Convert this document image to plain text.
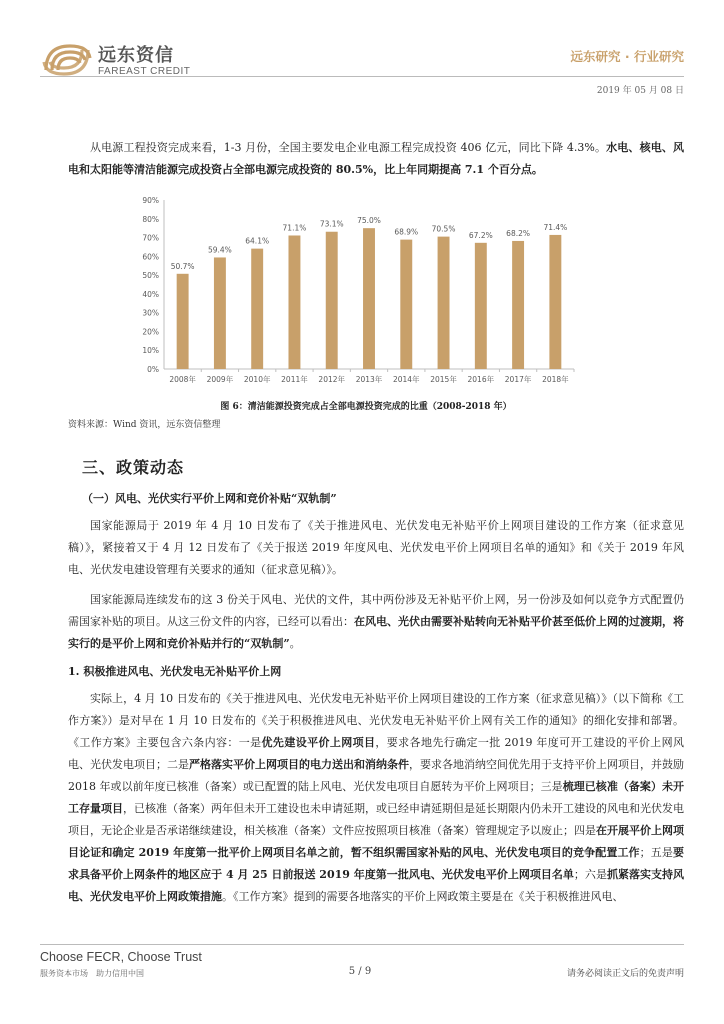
远东资信
FAREAST CREDIT
远东研究 · 行业研究
2019 年 05 月 08 日

从电源工程投资完成来看，1-3 月份，全国主要发电企业电源工程完成投资 406 亿元，同比下降 4.3%。水电、核电、风电和太阳能等清洁能源完成投资占全部电源完成投资的 80.5%，比上年同期提高 7.1 个百分点。

0%
10%
20%
30%
40%
50%
60%
70%
80%
90%
50.7%
2008年
59.4%
2009年
64.1%
2010年
71.1%
2011年
73.1%
2012年
75.0%
2013年
68.9%
2014年
70.5%
2015年
67.2%
2016年
68.2%
2017年
71.4%
2018年
图 6：清洁能源投资完成占全部电源投资完成的比重（2008-2018 年）
资料来源：Wind 资讯，远东资信整理
三、政策动态
（一）风电、光伏实行平价上网和竞价补贴“双轨制”

国家能源局于 2019 年 4 月 10 日发布了《关于推进风电、光伏发电无补贴平价上网项目建设的工作方案（征求意见稿）》，紧接着又于 4 月 12 日发布了《关于报送 2019 年度风电、光伏发电平价上网项目名单的通知》和《关于 2019 年风电、光伏发电建设管理有关要求的通知（征求意见稿）》。

国家能源局连续发布的这 3 份关于风电、光伏的文件，其中两份涉及无补贴平价上网，另一份涉及如何以竞争方式配置仍需国家补贴的项目。从这三份文件的内容，已经可以看出：在风电、光伏由需要补贴转向无补贴平价甚至低价上网的过渡期，将实行的是平价上网和竞价补贴并行的“双轨制”。

1. 积极推进风电、光伏发电无补贴平价上网

实际上，4 月 10 日发布的《关于推进风电、光伏发电无补贴平价上网项目建设的工作方案（征求意见稿）》（以下简称《工作方案》）是对早在 1 月 10 日发布的《关于积极推进风电、光伏发电无补贴平价上网有关工作的通知》的细化安排和部署。《工作方案》主要包含六条内容：一是优先建设平价上网项目，要求各地先行确定一批 2019 年度可开工建设的平价上网风电、光伏发电项目；二是严格落实平价上网项目的电力送出和消纳条件，要求各地消纳空间优先用于支持平价上网项目，并鼓励 2018 年或以前年度已核准（备案）或已配置的陆上风电、光伏发电项目自愿转为平价上网项目；三是梳理已核准（备案）未开工存量项目，已核准（备案）两年但未开工建设也未申请延期，或已经申请延期但是延长期限内仍未开工建设的风电和光伏发电项目，无论企业是否承诺继续建设，相关核准（备案）文件应按照项目核准（备案）管理规定予以废止；四是在开展平价上网项目论证和确定 2019 年度第一批平价上网项目名单之前，暂不组织需国家补贴的风电、光伏发电项目的竞争配置工作；五是要求具备平价上网条件的地区应于 4 月 25 日前报送 2019 年度第一批风电、光伏发电平价上网项目名单；六是抓紧落实支持风电、光伏发电平价上网政策措施。《工作方案》提到的需要各地落实的平价上网政策主要是在《关于积极推进风电、

Choose FECR, Choose Trust
服务资本市场　助力信用中国	5 / 9	请务必阅读正文后的免责声明
